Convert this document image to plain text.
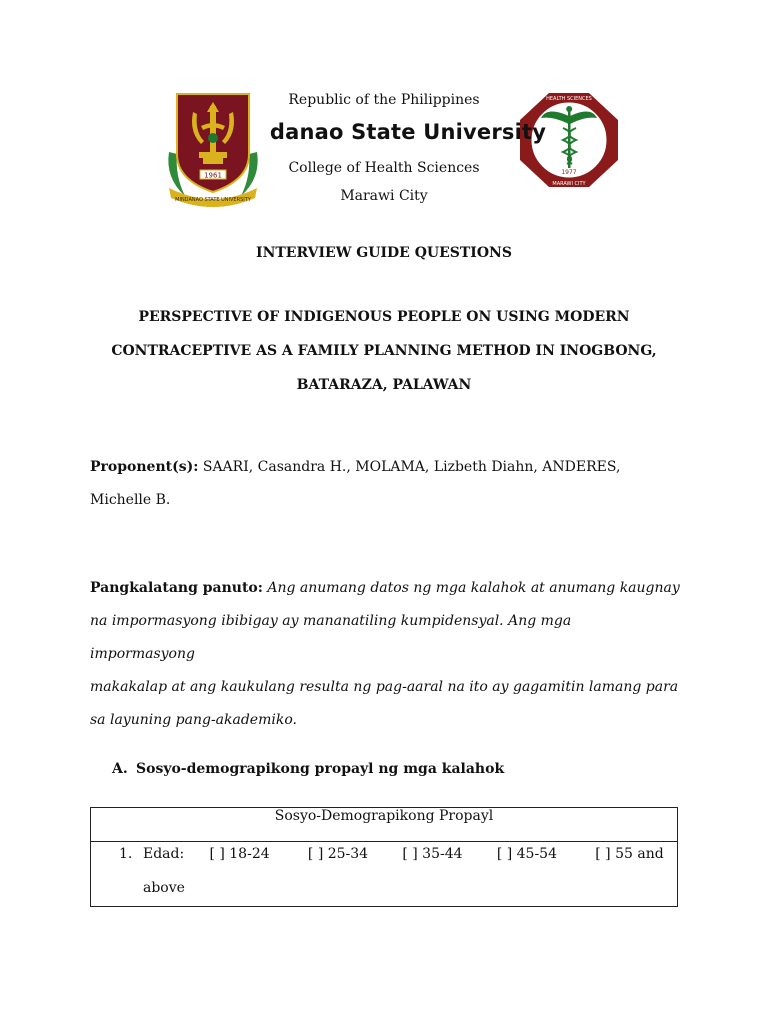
1961
MINDANAO STATE UNIVERSITY
HEALTH SCIENCES
MARAWI CITY
1977
Republic of the Philippines
danao State University
College of Health Sciences
Marawi City
INTERVIEW GUIDE QUESTIONS
PERSPECTIVE OF INDIGENOUS PEOPLE ON USING MODERN
CONTRACEPTIVE AS A FAMILY PLANNING METHOD IN INOGBONG,
BATARAZA, PALAWAN
Proponent(s): SAARI, Casandra H., MOLAMA, Lizbeth Diahn, ANDERES,
Michelle B.
Pangkalatang panuto: Ang anumang datos ng mga kalahok at anumang kaugnay
na impormasyong ibibigay ay mananatiling kumpidensyal. Ang mga impormasyong
makakalap at ang kaukulang resulta ng pag-aaral na ito ay gagamitin lamang para
sa layuning pang-akademiko.
A. Sosyo-demograpikong propayl ng mga kalahok
Sosyo-Demograpikong Propayl

1. Edad: [ ] 18-24	[ ] 25-34 [ ] 35-44 [ ] 45-54	[ ] 55 and
above
